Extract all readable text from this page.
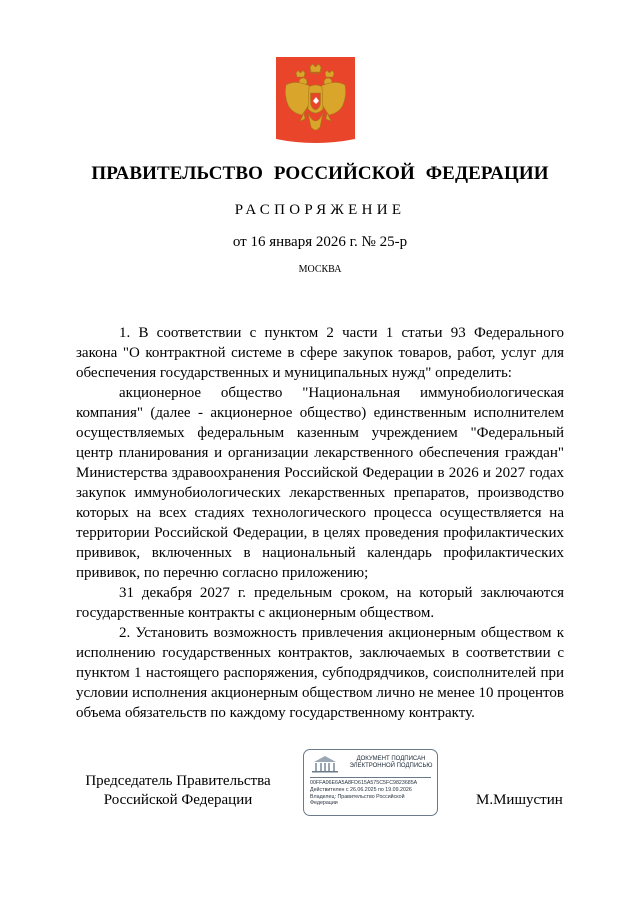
ПРАВИТЕЛЬСТВО РОССИЙСКОЙ ФЕДЕРАЦИИ
РАСПОРЯЖЕНИЕ
от 16 января 2026 г. № 25-р
МОСКВА

1. В соответствии с пунктом 2 части 1 статьи 93 Федерального закона "О контрактной системе в сфере закупок товаров, работ, услуг для обеспечения государственных и муниципальных нужд" определить:

акционерное общество "Национальная иммунобиологическая компания" (далее - акционерное общество) единственным исполнителем осуществляемых федеральным казенным учреждением "Федеральный центр планирования и организации лекарственного обеспечения граждан" Министерства здравоохранения Российской Федерации в 2026 и 2027 годах закупок иммунобиологических лекарственных препаратов, производство которых на всех стадиях технологического процесса осуществляется на территории Российской Федерации, в целях проведения профилактических прививок, включенных в национальный календарь профилактических прививок, по перечню согласно приложению;

31 декабря 2027 г. предельным сроком, на который заключаются государственные контракты с акционерным обществом.

2. Установить возможность привлечения акционерным обществом к исполнению государственных контрактов, заключаемых в соответствии с пунктом 1 настоящего распоряжения, субподрядчиков, соисполнителей при условии исполнения акционерным обществом лично не менее 10 процентов объема обязательств по каждому государственному контракту.

Председатель Правительства
Российской Федерации
ДОКУМЕНТ ПОДПИСАН
ЭЛЕКТРОННОЙ ПОДПИСЬЮ
00FFA06E6A5A8FD615A575C5FC9823685A
Действителен с 26.06.2025 по 19.09.2026
Владелец: Правительство Российской
Федерации	М.Мишустин
